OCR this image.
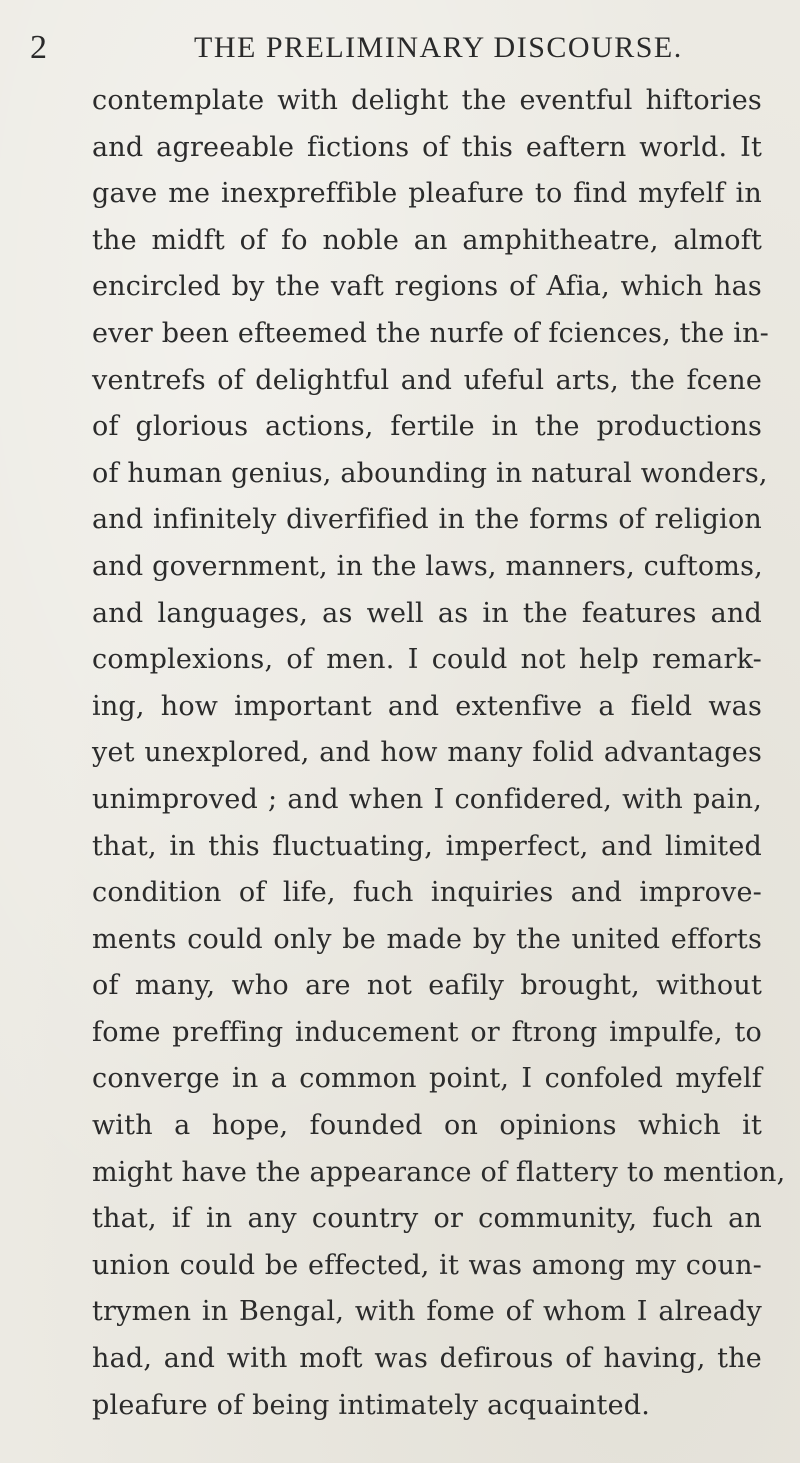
2	THE PRELIMINARY DISCOURSE.
contemplate with delight the eventful hiftories
and agreeable fictions of this eaftern world. It
gave me inexpreffible pleafure to find myfelf in
the midft of fo noble an amphitheatre, almoft
encircled by the vaft regions of Afia, which has
ever been efteemed the nurfe of fciences, the in-
ventrefs of delightful and ufeful arts, the fcene
of glorious actions, fertile in the productions
of human genius, abounding in natural wonders,
and infinitely diverfified in the forms of religion
and government, in the laws, manners, cuftoms,
and languages, as well as in the features and
complexions, of men. I could not help remark-
ing, how important and extenfive a field was
yet unexplored, and how many folid advantages
unimproved ; and when I confidered, with pain,
that, in this fluctuating, imperfect, and limited
condition of life, fuch inquiries and improve-
ments could only be made by the united efforts
of many, who are not eafily brought, without
fome preffing inducement or ftrong impulfe, to
converge in a common point, I confoled myfelf
with a hope, founded on opinions which it
might have the appearance of flattery to mention,
that, if in any country or community, fuch an
union could be effected, it was among my coun-
trymen in Bengal, with fome of whom I already
had, and with moft was defirous of having, the
pleafure of being intimately acquainted.
